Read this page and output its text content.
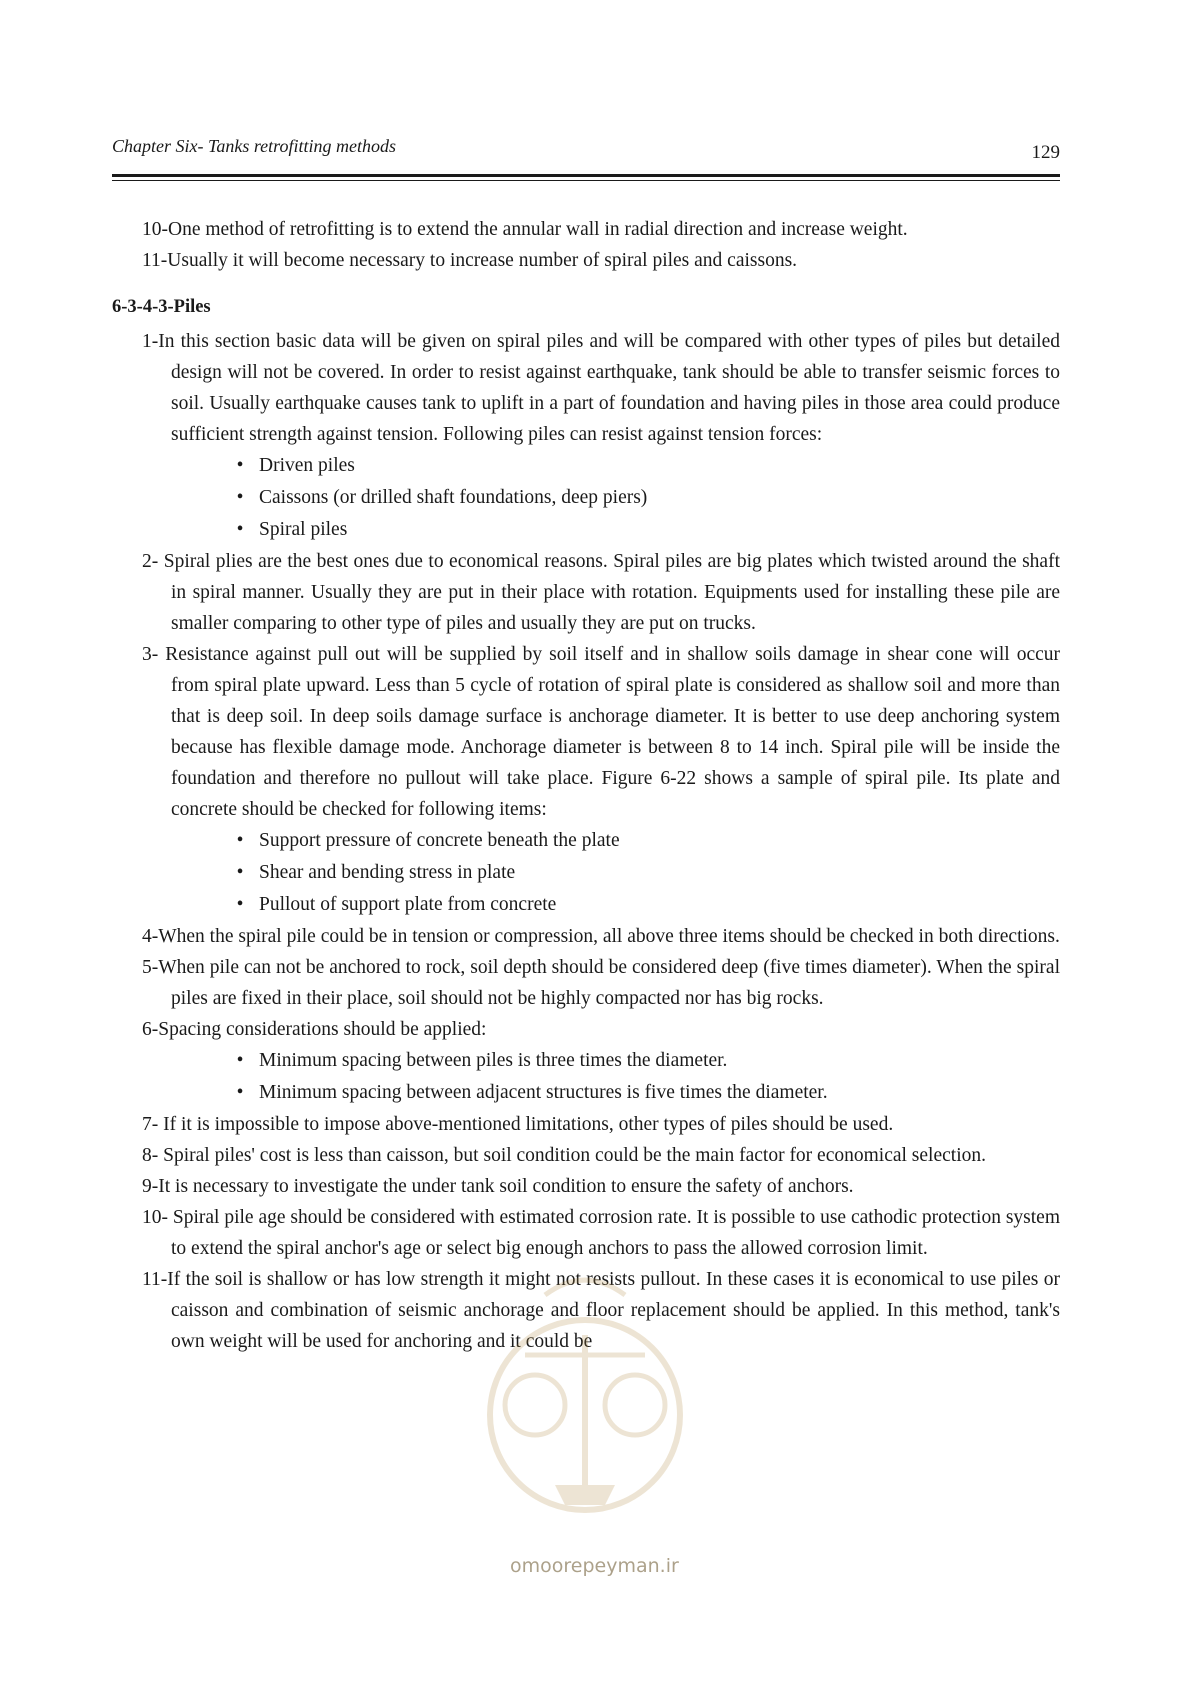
Chapter Six- Tanks retrofitting methods	129

10-One method of retrofitting is to extend the annular wall in radial direction and increase weight.

11-Usually it will become necessary to increase number of spiral piles and caissons.

6-3-4-3-Piles

1-In this section basic data will be given on spiral piles and will be compared with other types of piles but detailed design will not be covered. In order to resist against earthquake, tank should be able to transfer seismic forces to soil. Usually earthquake causes tank to uplift in a part of foundation and having piles in those area could produce sufficient strength against tension. Following piles can resist against tension forces:

• Driven piles
• Caissons (or drilled shaft foundations, deep piers)
• Spiral piles

2- Spiral plies are the best ones due to economical reasons. Spiral piles are big plates which twisted around the shaft in spiral manner. Usually they are put in their place with rotation. Equipments used for installing these pile are smaller comparing to other type of piles and usually they are put on trucks.

3- Resistance against pull out will be supplied by soil itself and in shallow soils damage in shear cone will occur from spiral plate upward. Less than 5 cycle of rotation of spiral plate is considered as shallow soil and more than that is deep soil. In deep soils damage surface is anchorage diameter. It is better to use deep anchoring system because has flexible damage mode. Anchorage diameter is between 8 to 14 inch. Spiral pile will be inside the foundation and therefore no pullout will take place. Figure 6-22 shows a sample of spiral pile. Its plate and concrete should be checked for following items:

• Support pressure of concrete beneath the plate
• Shear and bending stress in plate
• Pullout of support plate from concrete

4-When the spiral pile could be in tension or compression, all above three items should be checked in both directions.

5-When pile can not be anchored to rock, soil depth should be considered deep (five times diameter). When the spiral piles are fixed in their place, soil should not be highly compacted nor has big rocks.

6-Spacing considerations should be applied:

• Minimum spacing between piles is three times the diameter.
• Minimum spacing between adjacent structures is five times the diameter.

7- If it is impossible to impose above-mentioned limitations, other types of piles should be used.

8- Spiral piles' cost is less than caisson, but soil condition could be the main factor for economical selection.

9-It is necessary to investigate the under tank soil condition to ensure the safety of anchors.

10- Spiral pile age should be considered with estimated corrosion rate. It is possible to use cathodic protection system to extend the spiral anchor's age or select big enough anchors to pass the allowed corrosion limit.

11-If the soil is shallow or has low strength it might not resists pullout. In these cases it is economical to use piles or caisson and combination of seismic anchorage and floor replacement should be applied. In this method, tank's own weight will be used for anchoring and it could be

omoorepeyman.ir
